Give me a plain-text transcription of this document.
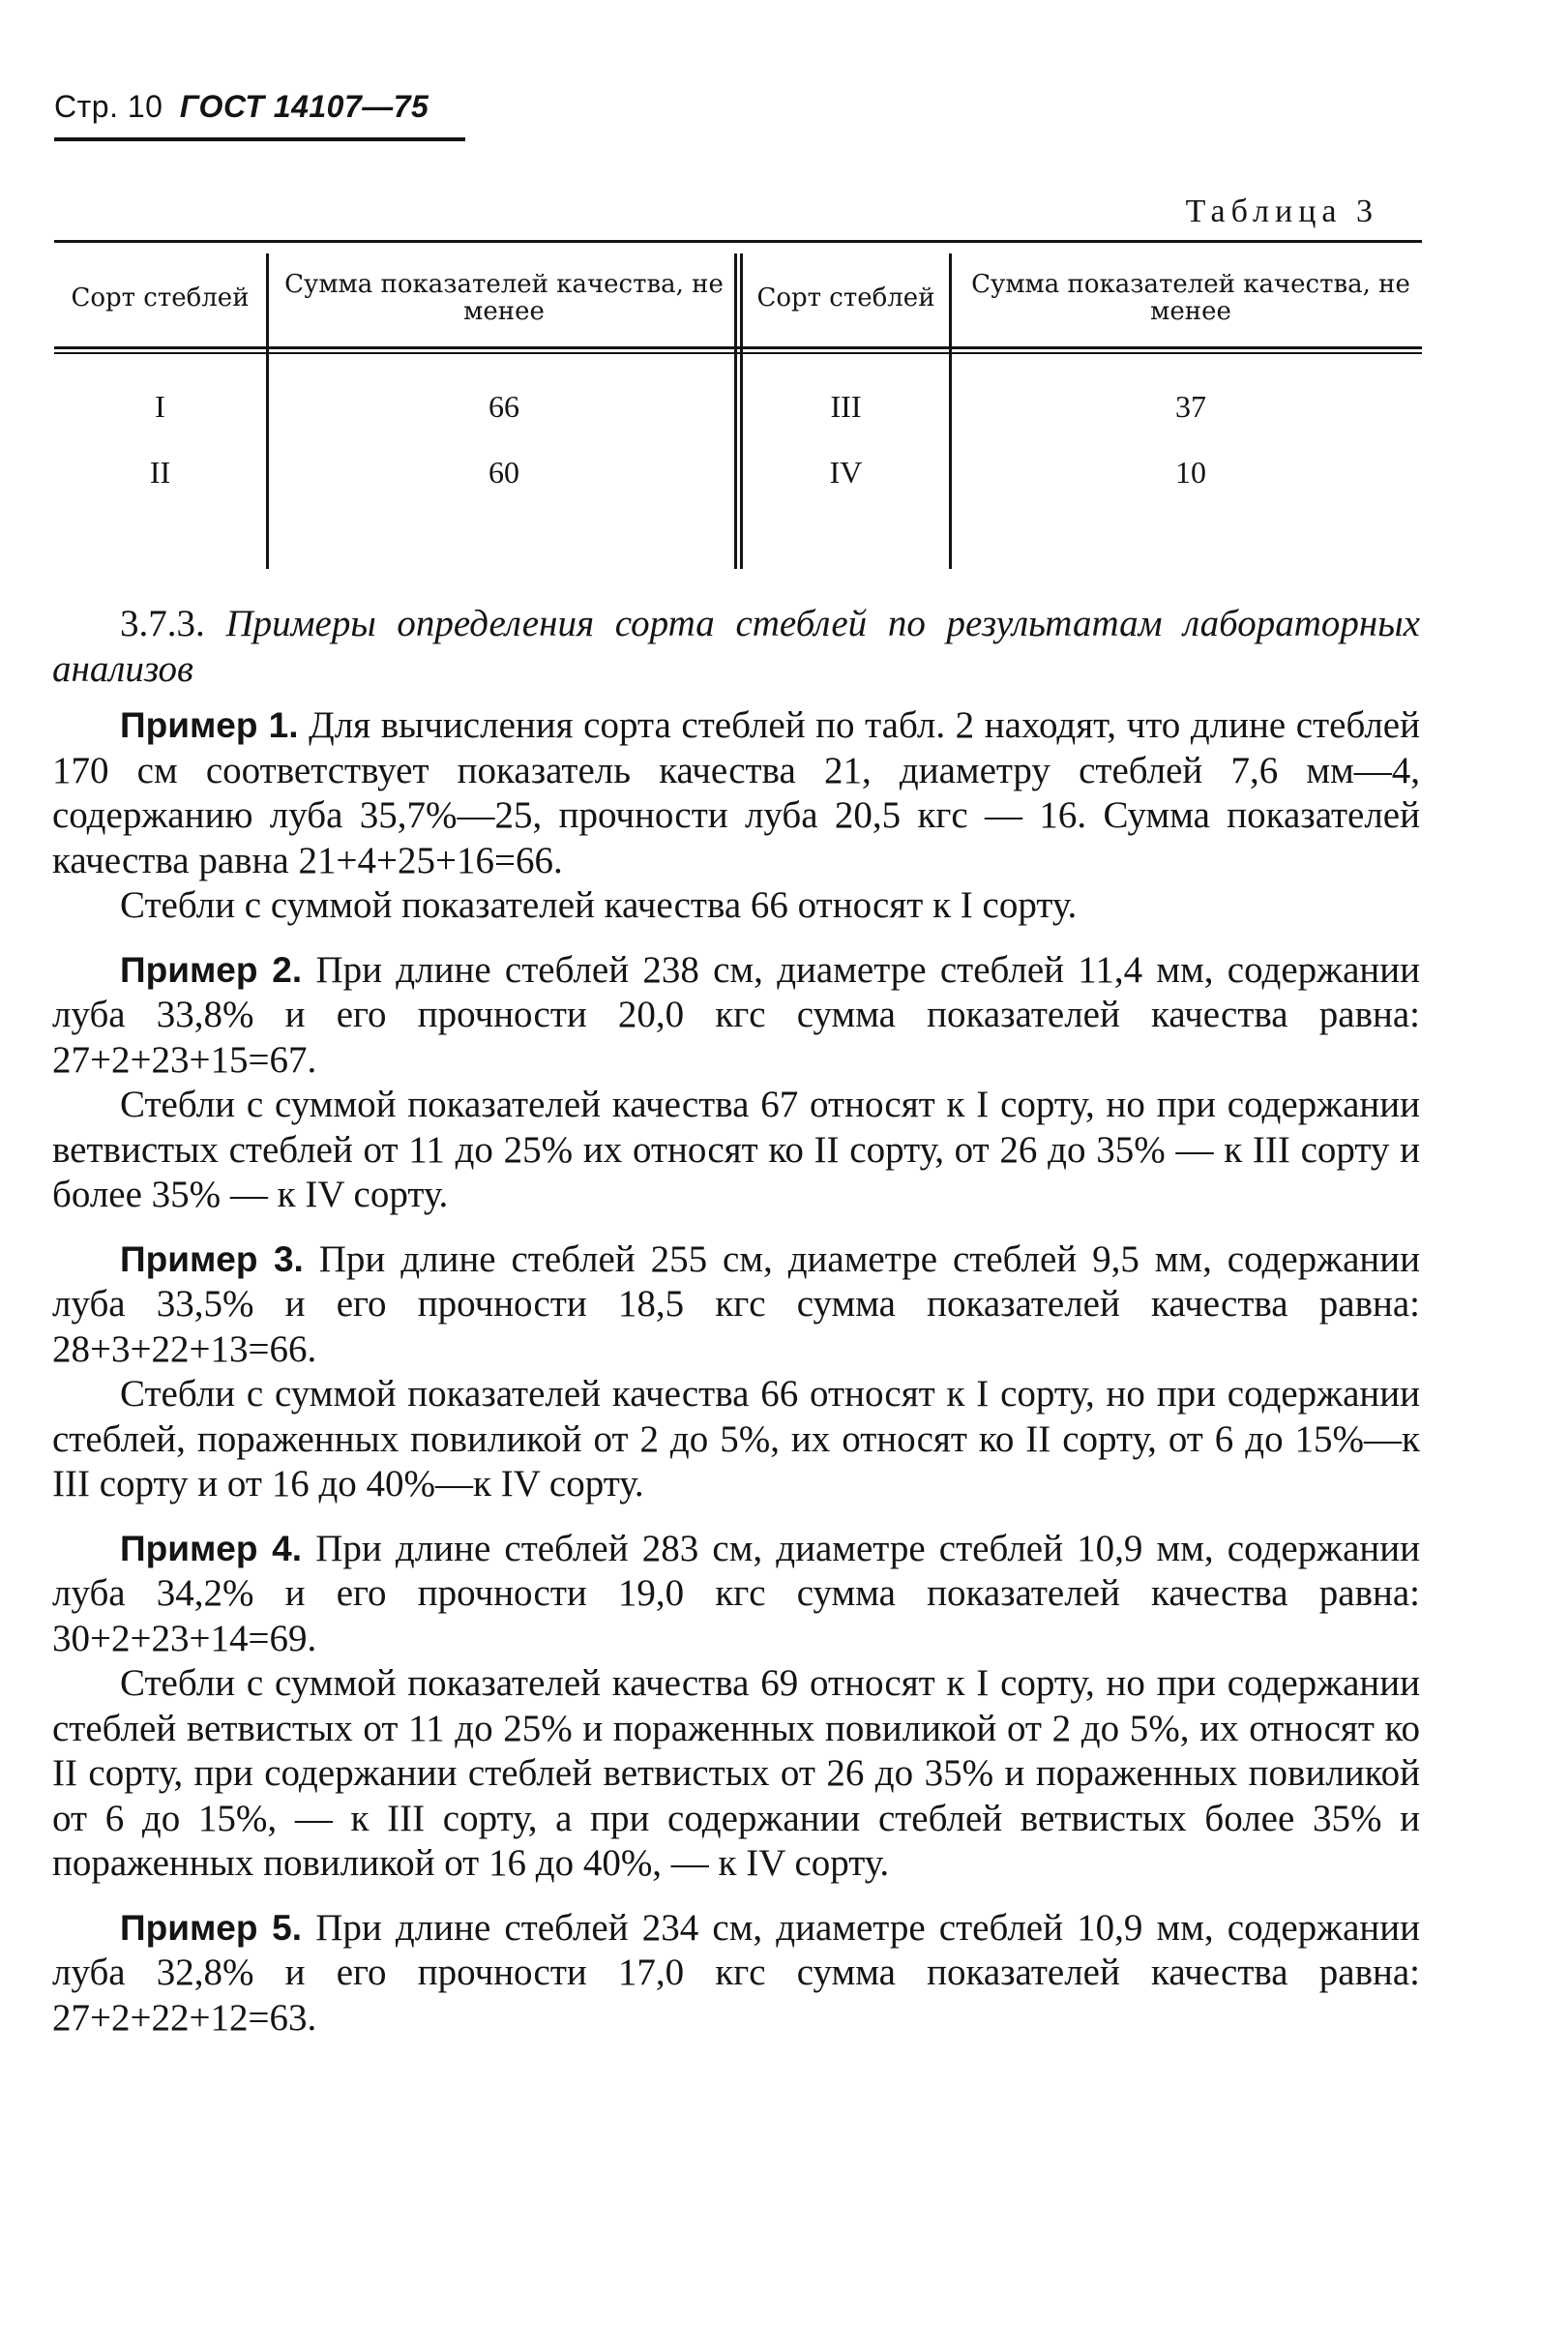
Стр. 10 ГОСТ 14107—75
Таблица 3
Сорт стеблей	Сумма показателей качества, не менее	Сорт стеблей	Сумма показателей качества, не менее
I	66	III	37
II	60	IV	10

3.7.3. Примеры определения сорта стеблей по результатам лабораторных анализов

Пример 1. Для вычисления сорта стеблей по табл. 2 находят, что длине стеблей 170 см соответствует показатель качества 21, диаметру стеблей 7,6 мм—4, содержанию луба 35,7%—25, прочности луба 20,5 кгс — 16. Сумма показателей качества равна 21+4+25+16=66.

Стебли с суммой показателей качества 66 относят к I сорту.

Пример 2. При длине стеблей 238 см, диаметре стеблей 11,4 мм, содержании луба 33,8% и его прочности 20,0 кгс сумма показателей качества равна: 27+2+23+15=67.

Стебли с суммой показателей качества 67 относят к I сорту, но при содержании ветвистых стеблей от 11 до 25% их относят ко II сорту, от 26 до 35% — к III сорту и более 35% — к IV сорту.

Пример 3. При длине стеблей 255 см, диаметре стеблей 9,5 мм, содержании луба 33,5% и его прочности 18,5 кгс сумма показателей качества равна: 28+3+22+13=66.

Стебли с суммой показателей качества 66 относят к I сорту, но при содержании стеблей, пораженных повиликой от 2 до 5%, их относят ко II сорту, от 6 до 15%—к III сорту и от 16 до 40%—к IV сорту.

Пример 4. При длине стеблей 283 см, диаметре стеблей 10,9 мм, содержании луба 34,2% и его прочности 19,0 кгс сумма показателей качества равна: 30+2+23+14=69.

Стебли с суммой показателей качества 69 относят к I сорту, но при содержании стеблей ветвистых от 11 до 25% и пораженных повиликой от 2 до 5%, их относят ко II сорту, при содержании стеблей ветвистых от 26 до 35% и пораженных повиликой от 6 до 15%, — к III сорту, а при содержании стеблей ветвистых более 35% и пораженных повиликой от 16 до 40%, — к IV сорту.

Пример 5. При длине стеблей 234 см, диаметре стеблей 10,9 мм, содержании луба 32,8% и его прочности 17,0 кгс сумма показателей качества равна: 27+2+22+12=63.
